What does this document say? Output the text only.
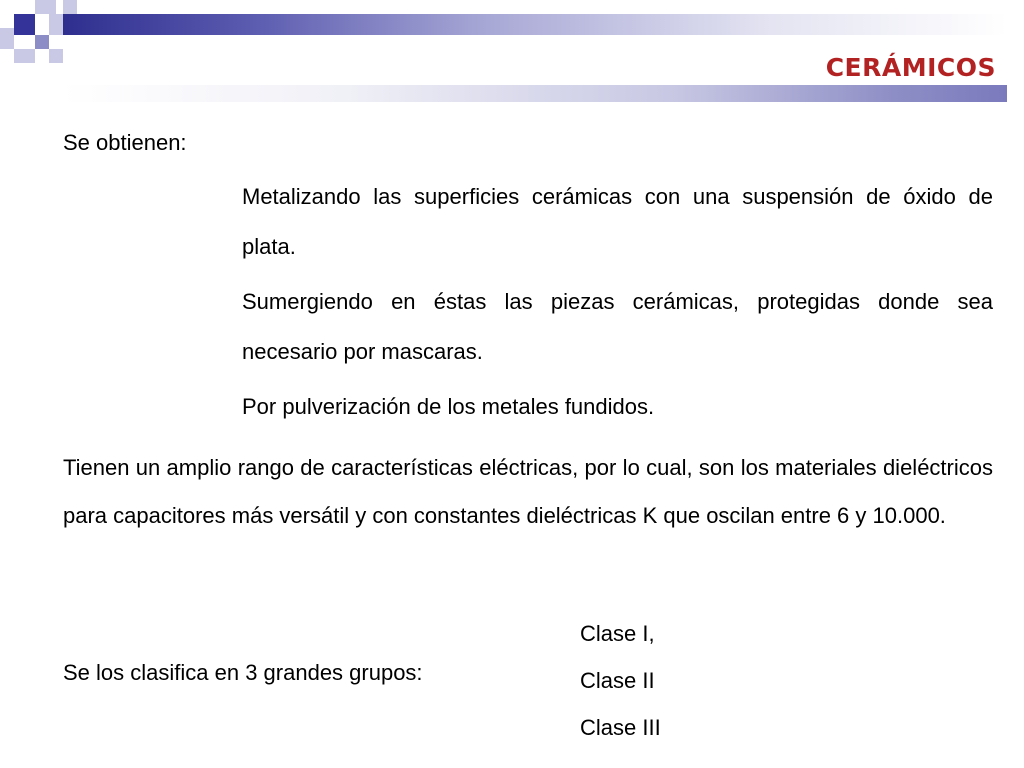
CERÁMICOS

Se obtienen:

Metalizando las superficies cerámicas con una suspensión de óxido de plata.

Sumergiendo en éstas las piezas cerámicas, protegidas donde sea necesario por mascaras.

Por pulverización de los metales fundidos.

Tienen un amplio rango de características eléctricas, por lo cual, son los materiales dieléctricos para capacitores más versátil y con constantes dieléctricas K que oscilan entre 6 y 10.000.

Se los clasifica en 3 grandes grupos:

Clase I,
Clase II
Clase III
